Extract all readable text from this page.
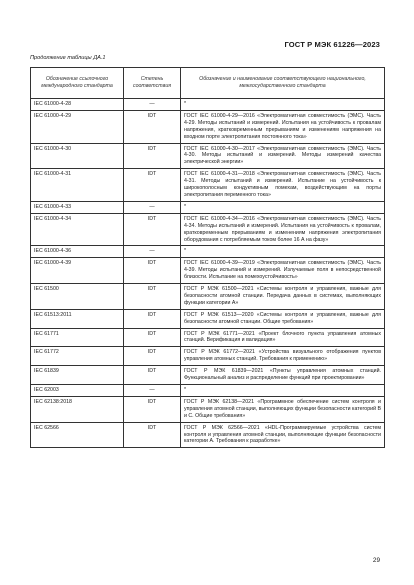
ГОСТ Р МЭК 61226—2023
Продолжение таблицы ДА.1
Обозначение ссылочного международного стандарта	Степень соответствия	Обозначение и наименование соответствующего национального, межгосударственного стандарта
IEC 61000-4-28	—	*
IEC 61000-4-29	IDT	ГОСТ IEC 61000-4-29—2016 «Электромагнитная совместимость (ЭМС). Часть 4-29. Методы испытаний и измерений. Испытания на устойчивость к провалам напряжения, кратковременным прерываниям и изменениям напряжения на входном порте электропитания постоянного тока»
IEC 61000-4-30	IDT	ГОСТ IEC 61000-4-30—2017 «Электромагнитная совместимость (ЭМС). Часть 4-30. Методы испытаний и измерений. Методы измерений качества электрической энергии»
IEC 61000-4-31	IDT	ГОСТ IEC 61000-4-31—2018 «Электромагнитная совместимость (ЭМС). Часть 4-31. Методы испытаний и измерений. Испытание на устойчивость к широкополосным кондуктивным помехам, воздействующим на порты электропитания переменного тока»
IEC 61000-4-33	—	*
IEC 61000-4-34	IDT	ГОСТ IEC 61000-4-34—2016 «Электромагнитная совместимость (ЭМС). Часть 4-34. Методы испытаний и измерений. Испытания на устойчивость к провалам, кратковременным прерываниям и изменениям напряжения электропитания оборудования с потребляемым током более 16 А на фазу»
IEC 61000-4-36	—	*
IEC 61000-4-39	IDT	ГОСТ IEC 61000-4-39—2019 «Электромагнитная совместимость (ЭМС). Часть 4-39. Методы испытаний и измерений. Излучаемые поля в непосредственной близости. Испытание на помехоустойчивость»
IEC 61500	IDT	ГОСТ Р МЭК 61500—2021 «Системы контроля и управления, важные для безопасности атомной станции. Передача данных в системах, выполняющих функции категории А»
IEC 61513:2011	IDT	ГОСТ Р МЭК 61513—2020 «Системы контроля и управления, важные для безопасности атомной станции. Общие требования»
IEC 61771	IDT	ГОСТ Р МЭК 61771—2021 «Проект блочного пункта управления атомных станций. Верификация и валидация»
IEC 61772	IDT	ГОСТ Р МЭК 61772—2021 «Устройства визуального отображения пунктов управления атомных станций. Требования к применению»
IEC 61839	IDT	ГОСТ Р МЭК 61839—2021 «Пункты управления атомных станций. Функциональный анализ и распределение функций при проектировании»
IEC 62003	—	*
IEC 62138:2018	IDT	ГОСТ Р МЭК 62138—2021 «Программное обеспечение систем контроля и управления атомной станции, выполняющих функции безопасности категорий В и С. Общие требования»
IEC 62566	IDT	ГОСТ Р МЭК 62566—2021 «HDL-Программируемые устройства систем контроля и управления атомной станции, выполняющие функции безопасности категории А. Требования к разработке»
29
